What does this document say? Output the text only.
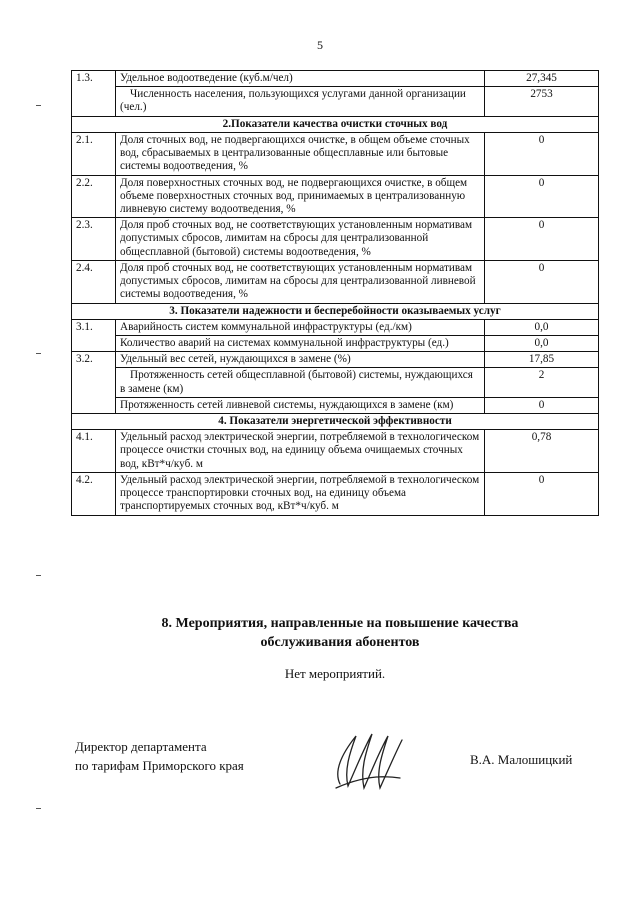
5
1.3.	Удельное водоотведение (куб.м/чел)	27,345
	Численность населения, пользующихся услугами данной организации (чел.)	2753
2.Показатели качества очистки сточных вод		
2.1.	Доля сточных вод, не подвергающихся очистке, в общем объеме сточных вод, сбрасываемых в централизованные общесплавные или бытовые системы водоотведения, %	0
2.2.	Доля поверхностных сточных вод, не подвергающихся очистке, в общем объеме поверхностных сточных вод, принимаемых в централизованную ливневую систему водоотведения, %	0
2.3.	Доля проб сточных вод, не соответствующих установленным нормативам допустимых сбросов, лимитам на сбросы для централизованной общесплавной (бытовой) системы водоотведения, %	0
2.4.	Доля проб сточных вод, не соответствующих установленным нормативам допустимых сбросов, лимитам на сбросы для централизованной ливневой системы водоотведения, %	0
3. Показатели надежности и бесперебойности оказываемых услуг		
3.1.	Аварийность систем коммунальной инфраструктуры (ед./км)	0,0
	Количество аварий на системах коммунальной инфраструктуры (ед.)	0,0
3.2.	Удельный вес сетей, нуждающихся в замене (%)	17,85
	Протяженность сетей общесплавной (бытовой) системы, нуждающихся в замене (км)	2
	Протяженность сетей ливневой системы, нуждающихся в замене (км)	0
4. Показатели энергетической эффективности		
4.1.	Удельный расход электрической энергии, потребляемой в технологическом процессе очистки сточных вод, на единицу объема очищаемых сточных вод, кВт*ч/куб. м	0,78
4.2.	Удельный расход электрической энергии, потребляемой в технологическом процессе транспортировки сточных вод, на единицу объема транспортируемых сточных вод, кВт*ч/куб. м	0
8. Мероприятия, направленные на повышение качества
обслуживания абонентов
Нет мероприятий.
Директор департамента
по тарифам Приморского края	В.А. Малошицкий
